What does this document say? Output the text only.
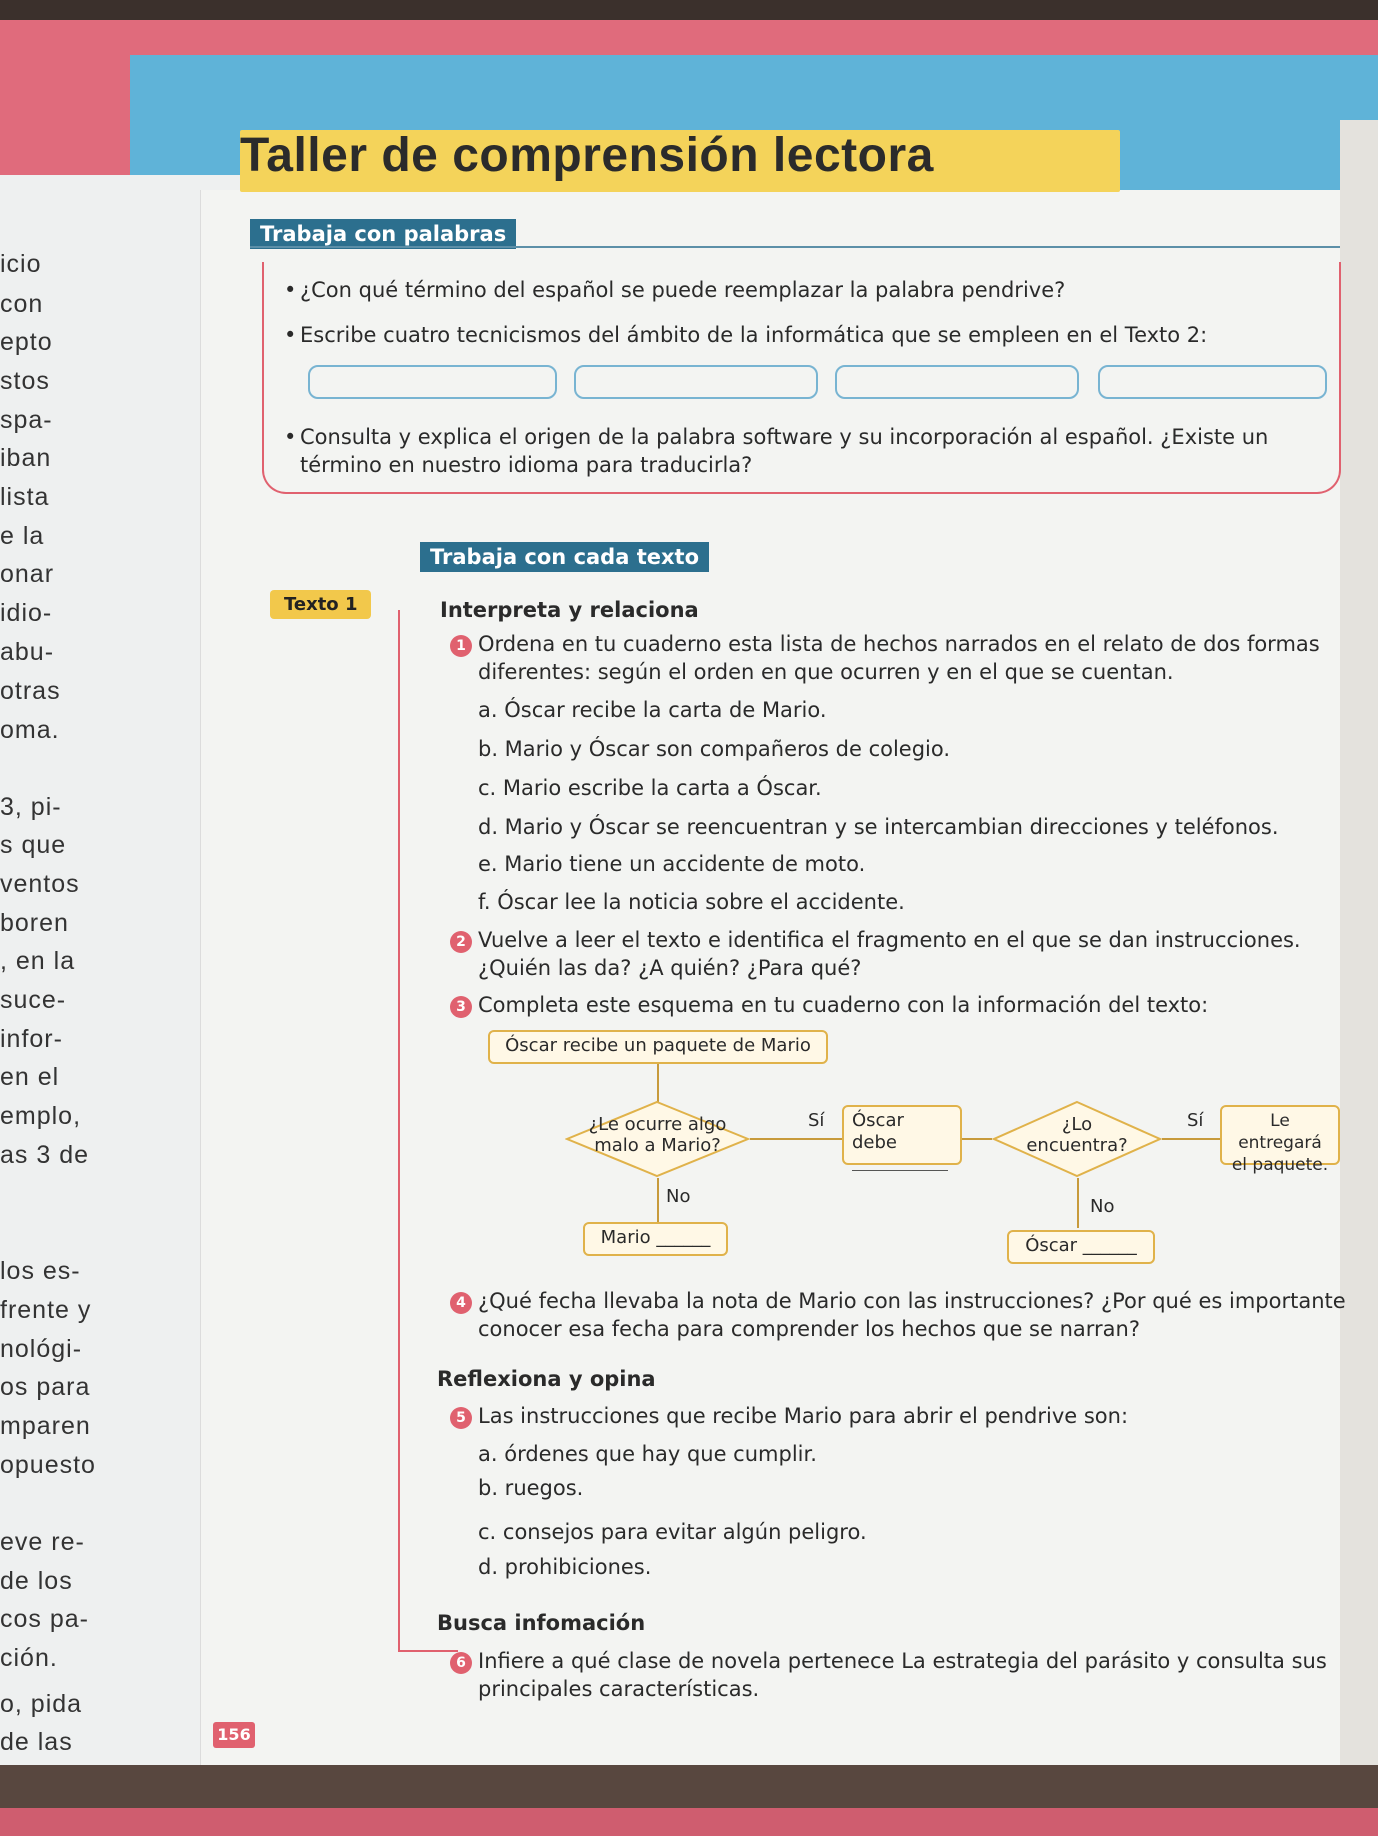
Taller de comprensión lectora
icio
con
epto
stos
spa-
iban
lista
e la
onar
idio-
abu-
otras
oma.
3, pi-
s que
ventos
boren
, en la
suce-
infor-
en el
emplo,
as 3 de
los es-
frente y
nológi-
os para
mparen
opuesto
eve re-
de los
cos pa-
ción.
o, pida
de las
Trabaja con palabras
• ¿Con qué término del español se puede reemplazar la palabra pendrive?
• Escribe cuatro tecnicismos del ámbito de la informática que se empleen en el Texto 2:
• Consulta y explica el origen de la palabra software y su incorporación al español. ¿Existe un
término en nuestro idioma para traducirla?
Trabaja con cada texto
Texto 1	Interpreta y relaciona
1 Ordena en tu cuaderno esta lista de hechos narrados en el relato de dos formas
diferentes: según el orden en que ocurren y en el que se cuentan.
a. Óscar recibe la carta de Mario.
b. Mario y Óscar son compañeros de colegio.
c. Mario escribe la carta a Óscar.
d. Mario y Óscar se reencuentran y se intercambian direcciones y teléfonos.
e. Mario tiene un accidente de moto.
f. Óscar lee la noticia sobre el accidente.
2 Vuelve a leer el texto e identifica el fragmento en el que se dan instrucciones.
¿Quién las da? ¿A quién? ¿Para qué?
3 Completa este esquema en tu cuaderno con la información del texto:
Óscar recibe un paquete de Mario
¿Le ocurre algo
malo a Mario?
Sí Óscar debe
¿Lo
encuentra?
Sí	Le entregará
el paquete.
No
Mario ______
No
Óscar ______
4 ¿Qué fecha llevaba la nota de Mario con las instrucciones? ¿Por qué es importante
conocer esa fecha para comprender los hechos que se narran?
Reflexiona y opina
5 Las instrucciones que recibe Mario para abrir el pendrive son:
a. órdenes que hay que cumplir.
b. ruegos.
c. consejos para evitar algún peligro.
d. prohibiciones.
Busca infomación
6 Infiere a qué clase de novela pertenece La estrategia del parásito y consulta sus
principales características.
156
